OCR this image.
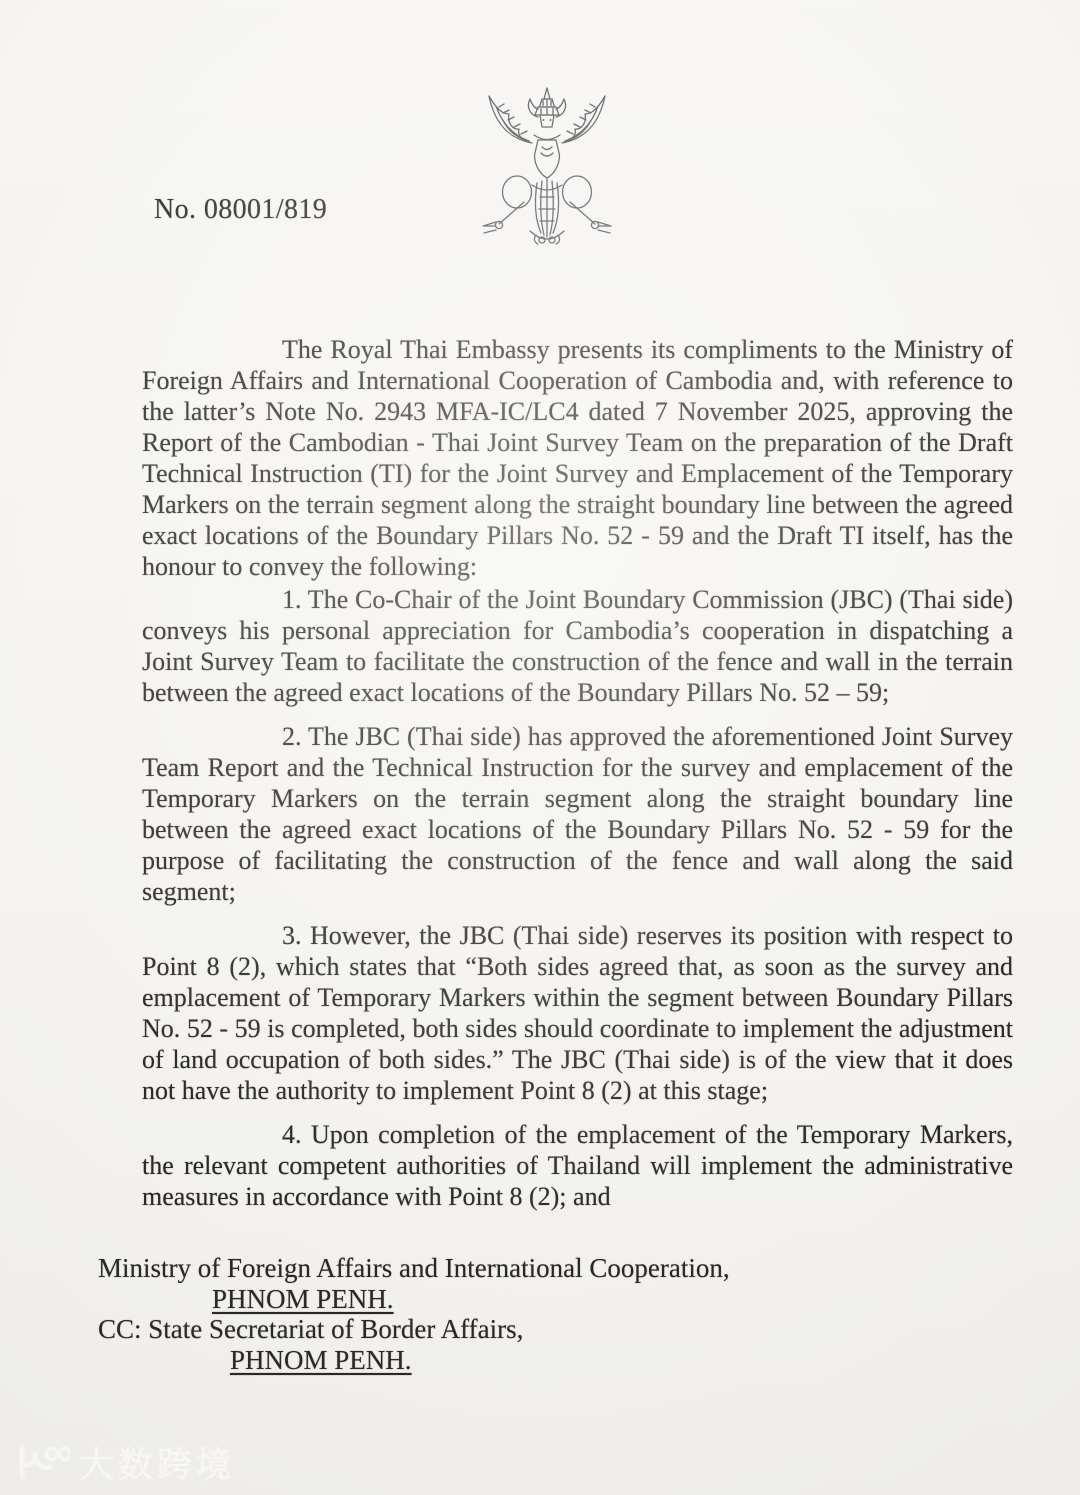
No. 08001/819

The Royal Thai Embassy presents its compliments to the Ministry of Foreign Affairs and International Cooperation of Cambodia and, with reference to the latter’s Note No. 2943 MFA-IC/LC4 dated 7 November 2025, approving the Report of the Cambodian - Thai Joint Survey Team on the preparation of the Draft Technical Instruction (TI) for the Joint Survey and Emplacement of the Temporary Markers on the terrain segment along the straight boundary line between the agreed exact locations of the Boundary Pillars No. 52 - 59 and the Draft TI itself, has the honour to convey the following:

1. The Co-Chair of the Joint Boundary Commission (JBC) (Thai side) conveys his personal appreciation for Cambodia’s cooperation in dispatching a Joint Survey Team to facilitate the construction of the fence and wall in the terrain between the agreed exact locations of the Boundary Pillars No. 52 – 59;

2. The JBC (Thai side) has approved the aforementioned Joint Survey Team Report and the Technical Instruction for the survey and emplacement of the Temporary Markers on the terrain segment along the straight boundary line between the agreed exact locations of the Boundary Pillars No. 52 - 59 for the purpose of facilitating the construction of the fence and wall along the said segment;

3. However, the JBC (Thai side) reserves its position with respect to Point 8 (2), which states that “Both sides agreed that, as soon as the survey and emplacement of Temporary Markers within the segment between Boundary Pillars No. 52 - 59 is completed, both sides should coordinate to implement the adjustment of land occupation of both sides.” The JBC (Thai side) is of the view that it does not have the authority to implement Point 8 (2) at this stage;

4. Upon completion of the emplacement of the Temporary Markers, the relevant competent authorities of Thailand will implement the administrative measures in accordance with Point 8 (2); and

Ministry of Foreign Affairs and International Cooperation,
PHNOM PENH.
CC: State Secretariat of Border Affairs,
PHNOM PENH.
大数跨境
